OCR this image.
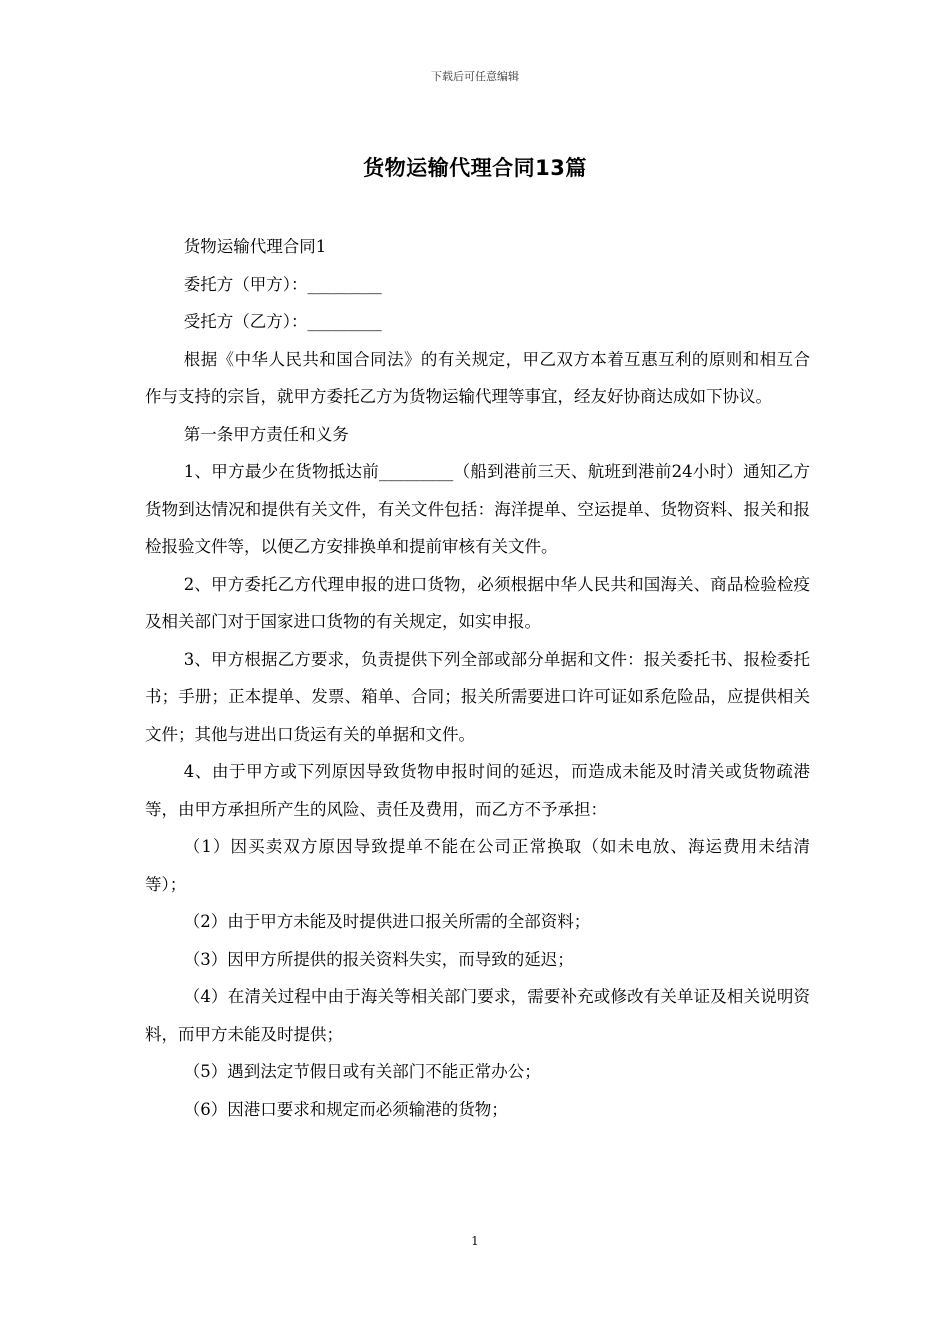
下载后可任意编辑
货物运输代理合同13篇

货物运输代理合同1

委托方（甲方）：_________

受托方（乙方）：_________

根据《中华人民共和国合同法》的有关规定，甲乙双方本着互惠互利的原则和相互合作与支持的宗旨，就甲方委托乙方为货物运输代理等事宜，经友好协商达成如下协议。

第一条甲方责任和义务

1、甲方最少在货物抵达前_________（船到港前三天、航班到港前24小时）通知乙方货物到达情况和提供有关文件，有关文件包括：海洋提单、空运提单、货物资料、报关和报检报验文件等，以便乙方安排换单和提前审核有关文件。

2、甲方委托乙方代理申报的进口货物，必须根据中华人民共和国海关、商品检验检疫及相关部门对于国家进口货物的有关规定，如实申报。

3、甲方根据乙方要求，负责提供下列全部或部分单据和文件：报关委托书、报检委托书；手册；正本提单、发票、箱单、合同；报关所需要进口许可证如系危险品，应提供相关文件；其他与进出口货运有关的单据和文件。

4、由于甲方或下列原因导致货物申报时间的延迟，而造成未能及时清关或货物疏港等，由甲方承担所产生的风险、责任及费用，而乙方不予承担：

（1）因买卖双方原因导致提单不能在公司正常换取（如未电放、海运费用未结清等）；

（2）由于甲方未能及时提供进口报关所需的全部资料；

（3）因甲方所提供的报关资料失实，而导致的延迟；

（4）在清关过程中由于海关等相关部门要求，需要补充或修改有关单证及相关说明资料，而甲方未能及时提供；

（5）遇到法定节假日或有关部门不能正常办公；

（6）因港口要求和规定而必须输港的货物；

1
